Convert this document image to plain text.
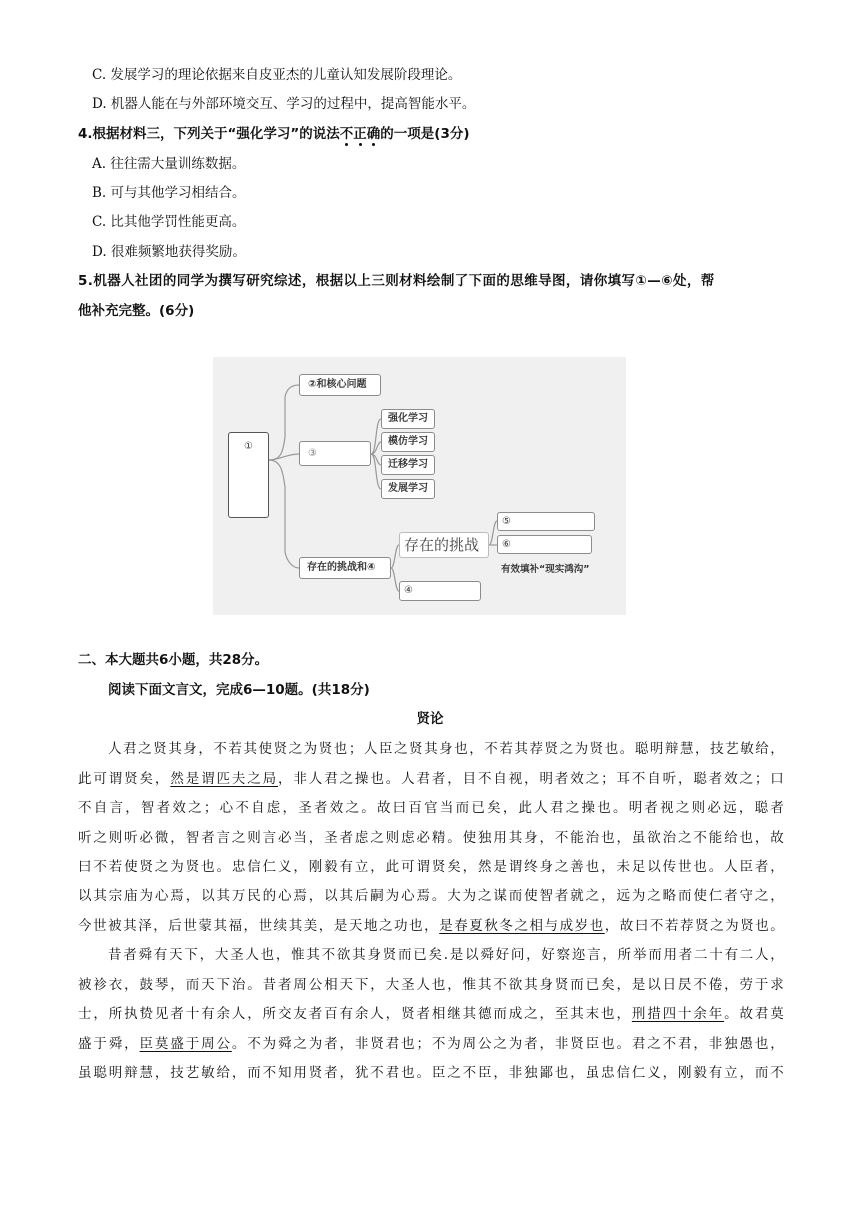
C. 发展学习的理论依据来自皮亚杰的儿童认知发展阶段理论。
D. 机器人能在与外部环境交互、学习的过程中，提高智能水平。
4.根据材料三，下列关于“强化学习”的说法不正确的一项是(3分)
A. 往往需大量训练数据。
B. 可与其他学习相结合。
C. 比其他学罚性能更高。
D. 很难频繁地获得奖励。
5.机器人社团的同学为撰写研究综述，根据以上三则材料绘制了下面的思维导图，请你填写①—⑥处，帮
他补充完整。(6分)
①
②和核心问题
③
强化学习
模仿学习
迁移学习
发展学习
存在的挑战和④
存在的挑战
④
⑤
⑥
有效填补“现实鸿沟”
二、本大题共6小题，共28分。
阅读下面文言文，完成6—10题。(共18分)
贤论
人君之贤其身，不若其使贤之为贤也；人臣之贤其身也，不若其荐贤之为贤也。聪明辩慧，技艺敏给，
此可谓贤矣，然是谓匹夫之局，非人君之操也。人君者，目不自视，明者效之；耳不自听，聪者效之；口
不自言，智者效之；心不自虑，圣者效之。故曰百官当而已矣，此人君之操也。明者视之则必远，聪者
听之则听必微，智者言之则言必当，圣者虑之则虑必精。使独用其身，不能治也，虽欲治之不能给也，故
曰不若使贤之为贤也。忠信仁义，刚毅有立，此可谓贤矣，然是谓终身之善也，未足以传世也。人臣者，
以其宗庙为心焉，以其万民的心焉，以其后嗣为心焉。大为之谋而使智者就之，远为之略而使仁者守之，
今世被其泽，后世蒙其福，世续其美，是天地之功也，是春夏秋冬之相与成岁也，故曰不若荐贤之为贤也。
昔者舜有天下，大圣人也，惟其不欲其身贤而已矣.是以舜好问，好察迩言，所举而用者二十有二人，
被袗衣，鼓琴，而天下治。昔者周公相天下，大圣人也，惟其不欲其身贤而已矣，是以日昃不倦，劳于求
士，所执贽见者十有余人，所交友者百有余人，贤者相继其德而成之，至其末也，刑措四十余年。故君莫
盛于舜，臣莫盛于周公。不为舜之为者，非贤君也；不为周公之为者，非贤臣也。君之不君，非独愚也，
虽聪明辩慧，技艺敏给，而不知用贤者，犹不君也。臣之不臣，非独鄙也，虽忠信仁义，刚毅有立，而不
